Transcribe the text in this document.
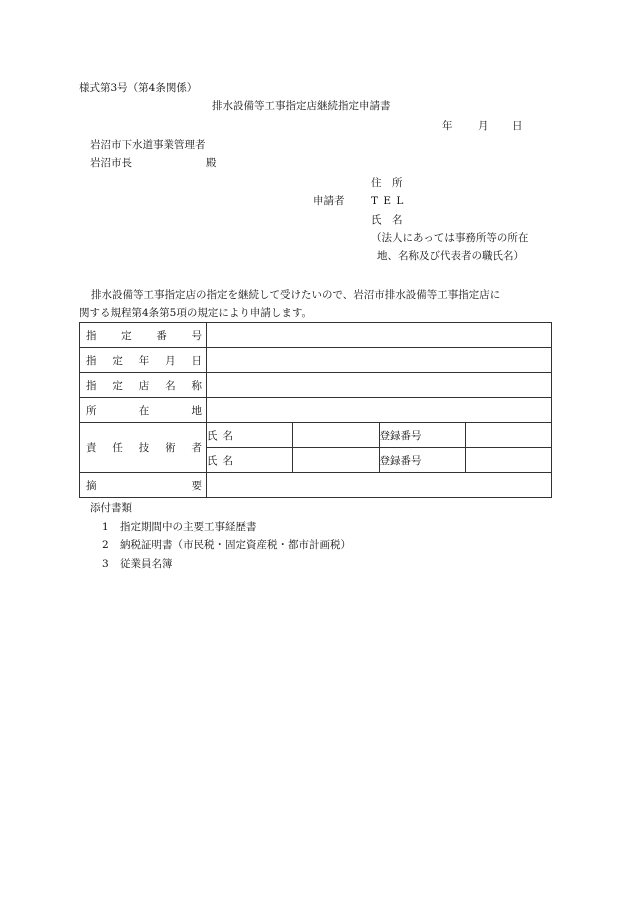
様式第3号（第4条関係）
排水設備等工事指定店継続指定申請書
年 月 日
岩沼市下水道事業管理者
岩沼市長	殿
住　所
申請者	T E L
氏　名
（法人にあっては事務所等の所在
地、名称及び代表者の職氏名）
排水設備等工事指定店の指定を継続して受けたいので、岩沼市排水設備等工事指定店に
関する規程第4条第5項の規定により申請します。
指 定 番 号				

指 定 年 月 日				

指 定 店 名 称				

所 在 地				

責 任 技 術 者	氏 名		登録番号	

	氏 名		登録番号	

摘 要				

添付書類
1 指定期間中の主要工事経歴書
2 納税証明書（市民税・固定資産税・都市計画税）
3 従業員名簿
